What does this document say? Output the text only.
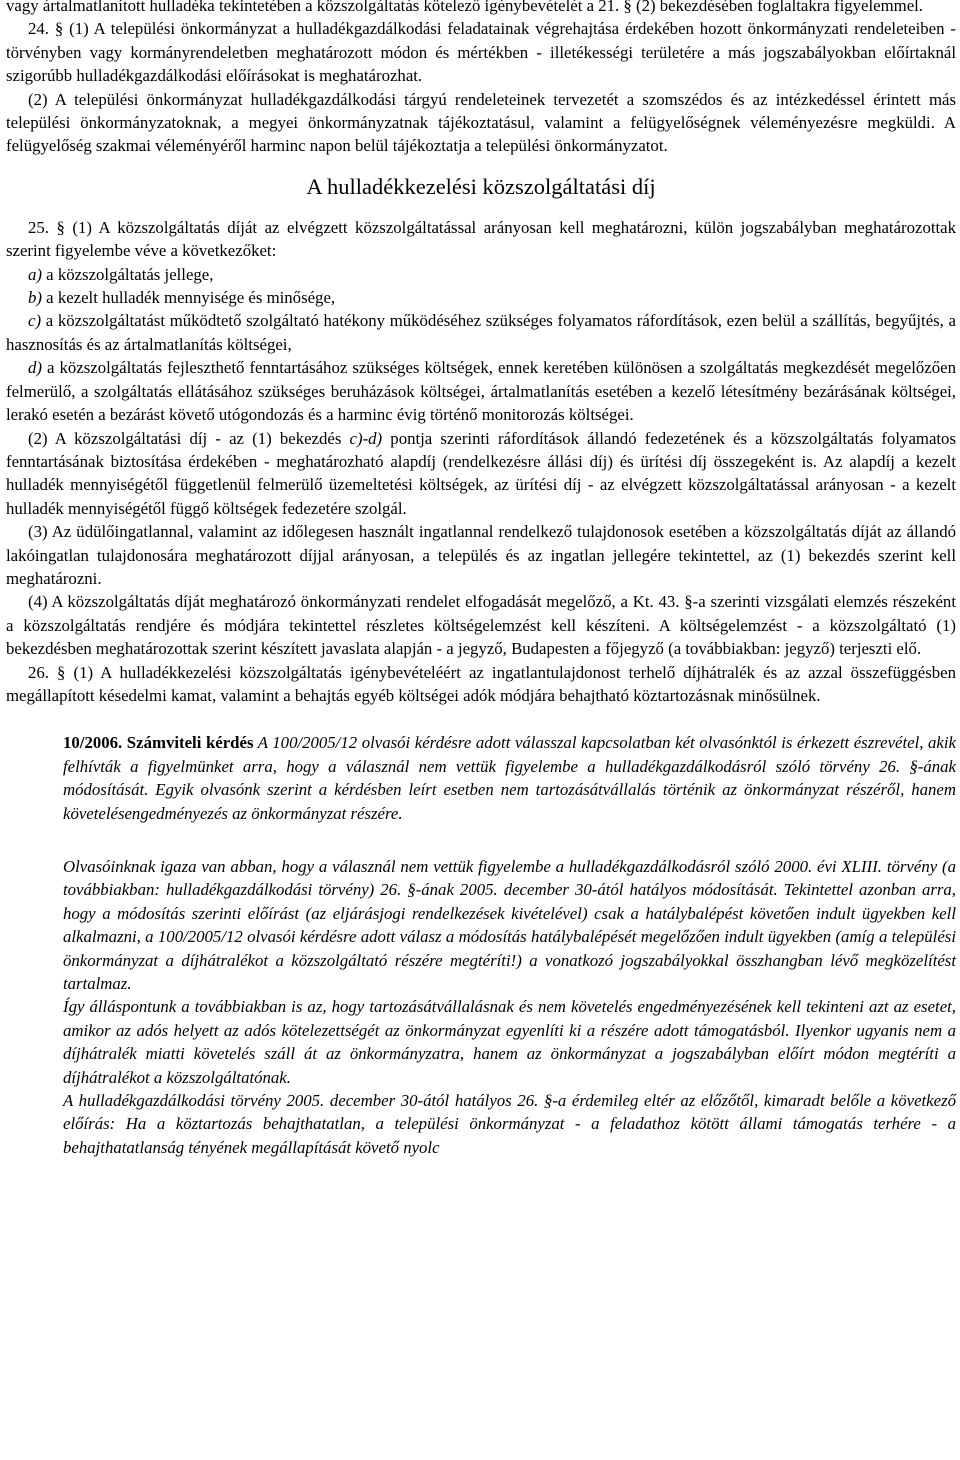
vagy ártalmatlanított hulladéka tekintetében a közszolgáltatás kötelező igénybevételét a 21. § (2) bekezdésében foglaltakra figyelemmel.

24. § (1) A települési önkormányzat a hulladékgazdálkodási feladatainak végrehajtása érdekében hozott önkormányzati rendeleteiben - törvényben vagy kormányrendeletben meghatározott módon és mértékben - illetékességi területére a más jogszabályokban előírtaknál szigorúbb hulladékgazdálkodási előírásokat is meghatározhat.

(2) A települési önkormányzat hulladékgazdálkodási tárgyú rendeleteinek tervezetét a szomszédos és az intézkedéssel érintett más települési önkormányzatoknak, a megyei önkormányzatnak tájékoztatásul, valamint a felügyelőségnek véleményezésre megküldi. A felügyelőség szakmai véleményéről harminc napon belül tájékoztatja a települési önkormányzatot.

A hulladékkezelési közszolgáltatási díj

25. § (1) A közszolgáltatás díját az elvégzett közszolgáltatással arányosan kell meghatározni, külön jogszabályban meghatározottak szerint figyelembe véve a következőket:

a) a közszolgáltatás jellege,

b) a kezelt hulladék mennyisége és minősége,

c) a közszolgáltatást működtető szolgáltató hatékony működéséhez szükséges folyamatos ráfordítások, ezen belül a szállítás, begyűjtés, a hasznosítás és az ártalmatlanítás költségei,

d) a közszolgáltatás fejleszthető fenntartásához szükséges költségek, ennek keretében különösen a szolgáltatás megkezdését megelőzően felmerülő, a szolgáltatás ellátásához szükséges beruházások költségei, ártalmatlanítás esetében a kezelő létesítmény bezárásának költségei, lerakó esetén a bezárást követő utógondozás és a harminc évig történő monitorozás költségei.

(2) A közszolgáltatási díj - az (1) bekezdés c)-d) pontja szerinti ráfordítások állandó fedezetének és a közszolgáltatás folyamatos fenntartásának biztosítása érdekében - meghatározható alapdíj (rendelkezésre állási díj) és ürítési díj összegeként is. Az alapdíj a kezelt hulladék mennyiségétől függetlenül felmerülő üzemeltetési költségek, az ürítési díj - az elvégzett közszolgáltatással arányosan - a kezelt hulladék mennyiségétől függő költségek fedezetére szolgál.

(3) Az üdülőingatlannal, valamint az időlegesen használt ingatlannal rendelkező tulajdonosok esetében a közszolgáltatás díját az állandó lakóingatlan tulajdonosára meghatározott díjjal arányosan, a település és az ingatlan jellegére tekintettel, az (1) bekezdés szerint kell meghatározni.

(4) A közszolgáltatás díját meghatározó önkormányzati rendelet elfogadását megelőző, a Kt. 43. §-a szerinti vizsgálati elemzés részeként a közszolgáltatás rendjére és módjára tekintettel részletes költségelemzést kell készíteni. A költségelemzést - a közszolgáltató (1) bekezdésben meghatározottak szerint készített javaslata alapján - a jegyző, Budapesten a főjegyző (a továbbiakban: jegyző) terjeszti elő.

26. § (1) A hulladékkezelési közszolgáltatás igénybevételéért az ingatlantulajdonost terhelő díjhátralék és az azzal összefüggésben megállapított késedelmi kamat, valamint a behajtás egyéb költségei adók módjára behajtható köztartozásnak minősülnek.

10/2006. Számviteli kérdés A 100/2005/12 olvasói kérdésre adott válasszal kapcsolatban két olvasónktól is érkezett észrevétel, akik felhívták a figyelmünket arra, hogy a válasznál nem vettük figyelembe a hulladékgazdálkodásról szóló törvény 26. §-ának módosítását. Egyik olvasónk szerint a kérdésben leírt esetben nem tartozásátvállalás történik az önkormányzat részéről, hanem követelésengedményezés az önkormányzat részére.

Olvasóinknak igaza van abban, hogy a válasznál nem vettük figyelembe a hulladékgazdálkodásról szóló 2000. évi XLIII. törvény (a továbbiakban: hulladékgazdálkodási törvény) 26. §-ának 2005. december 30-ától hatályos módosítását. Tekintettel azonban arra, hogy a módosítás szerinti előírást (az eljárásjogi rendelkezések kivételével) csak a hatálybalépést követően indult ügyekben kell alkalmazni, a 100/2005/12 olvasói kérdésre adott válasz a módosítás hatálybalépését megelőzően indult ügyekben (amíg a települési önkormányzat a díjhátralékot a közszolgáltató részére megtéríti!) a vonatkozó jogszabályokkal összhangban lévő megközelítést tartalmaz.

Így álláspontunk a továbbiakban is az, hogy tartozásátvállalásnak és nem követelés engedményezésének kell tekinteni azt az esetet, amikor az adós helyett az adós kötelezettségét az önkormányzat egyenlíti ki a részére adott támogatásból. Ilyenkor ugyanis nem a díjhátralék miatti követelés száll át az önkormányzatra, hanem az önkormányzat a jogszabályban előírt módon megtéríti a díjhátralékot a közszolgáltatónak.

A hulladékgazdálkodási törvény 2005. december 30-ától hatályos 26. §-a érdemileg eltér az előzőtől, kimaradt belőle a következő előírás: Ha a köztartozás behajthatatlan, a települési önkormányzat - a feladathoz kötött állami támogatás terhére - a behajthatatlanság tényének megállapítását követő nyolc
